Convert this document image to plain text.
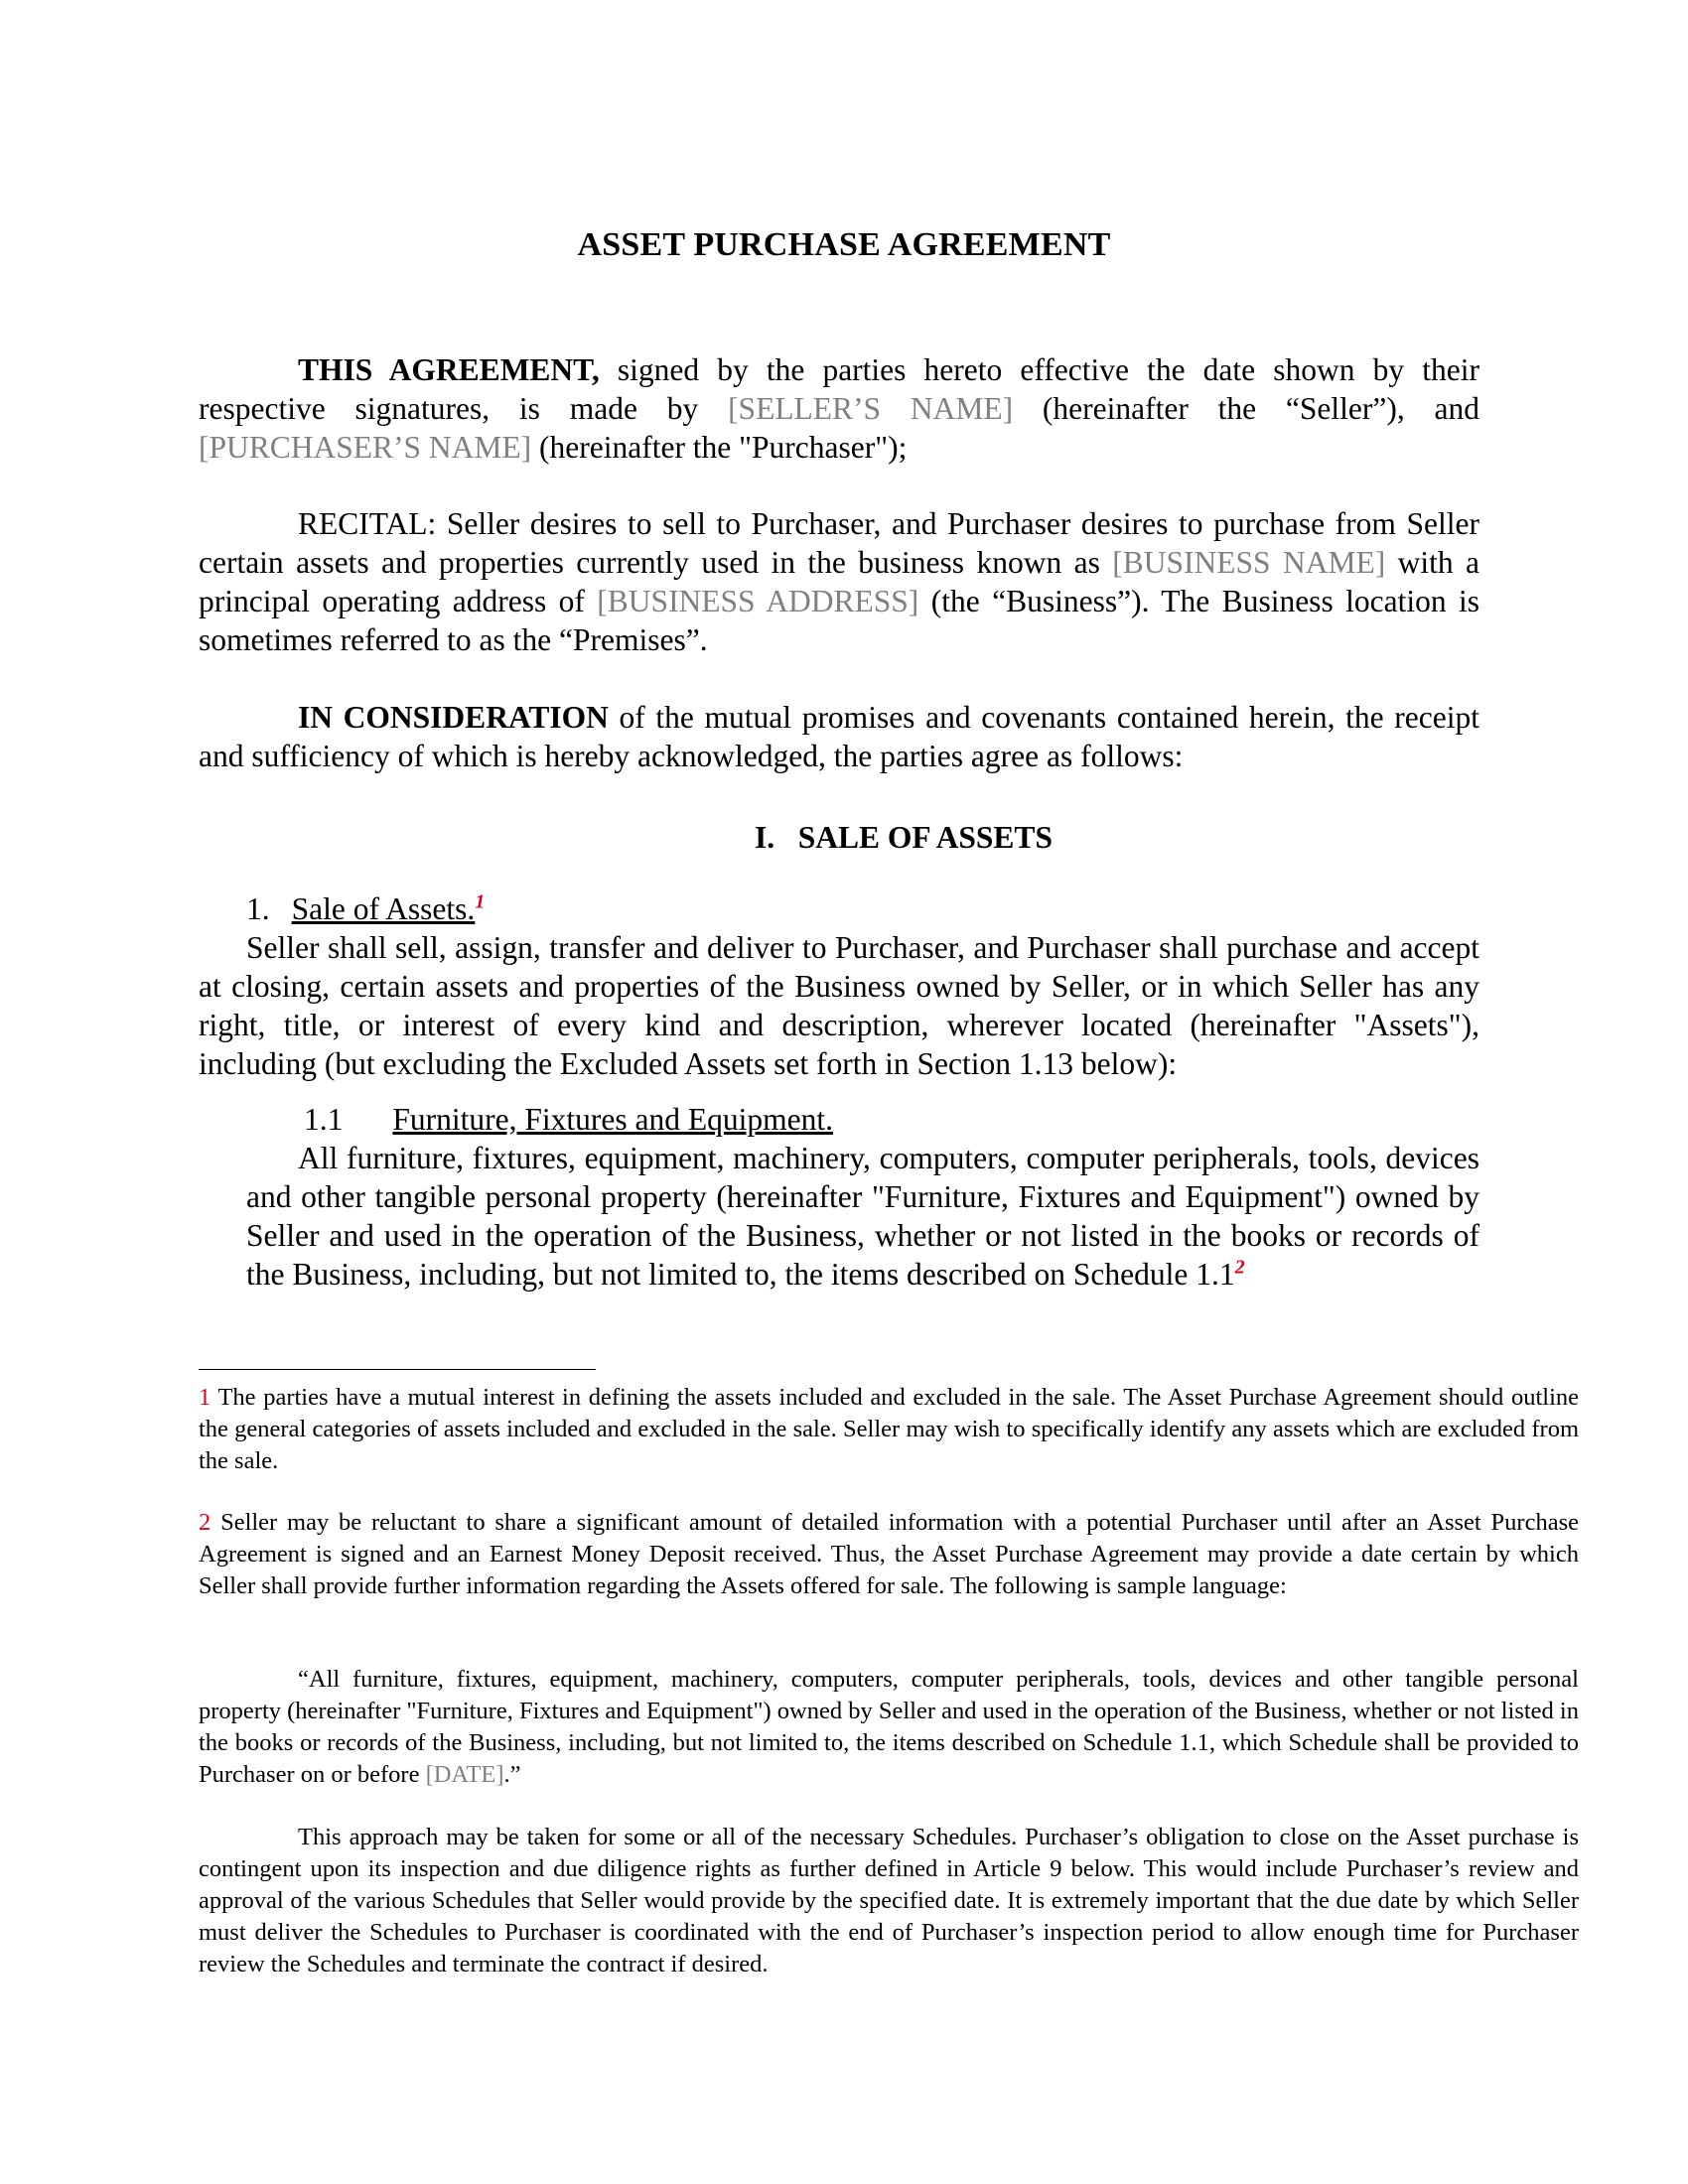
ASSET PURCHASE AGREEMENT
THIS AGREEMENT, signed by the parties hereto effective the date shown by their respective signatures, is made by [SELLER’S NAME] (hereinafter the “Seller”), and [PURCHASER’S NAME] (hereinafter the "Purchaser");
RECITAL: Seller desires to sell to Purchaser, and Purchaser desires to purchase from Seller certain assets and properties currently used in the business known as [BUSINESS NAME] with a principal operating address of [BUSINESS ADDRESS] (the “Business”). The Business location is sometimes referred to as the “Premises”.
IN CONSIDERATION of the mutual promises and covenants contained herein, the receipt and sufficiency of which is hereby acknowledged, the parties agree as follows:
I.   SALE OF ASSETS
1. Sale of Assets.$^1$
Seller shall sell, assign, transfer and deliver to Purchaser, and Purchaser shall purchase and accept at closing, certain assets and properties of the Business owned by Seller, or in which Seller has any right, title, or interest of every kind and description, wherever located (hereinafter "Assets"), including (but excluding the Excluded Assets set forth in Section 1.13 below):
1.1 Furniture, Fixtures and Equipment.
All furniture, fixtures, equipment, machinery, computers, computer peripherals, tools, devices and other tangible personal property (hereinafter "Furniture, Fixtures and Equipment") owned by Seller and used in the operation of the Business, whether or not listed in the books or records of the Business, including, but not limited to, the items described on Schedule 1.1$^2$
1 The parties have a mutual interest in defining the assets included and excluded in the sale. The Asset Purchase Agreement should outline the general categories of assets included and excluded in the sale. Seller may wish to specifically identify any assets which are excluded from the sale.
2 Seller may be reluctant to share a significant amount of detailed information with a potential Purchaser until after an Asset Purchase Agreement is signed and an Earnest Money Deposit received. Thus, the Asset Purchase Agreement may provide a date certain by which Seller shall provide further information regarding the Assets offered for sale. The following is sample language:
“All furniture, fixtures, equipment, machinery, computers, computer peripherals, tools, devices and other tangible personal property (hereinafter "Furniture, Fixtures and Equipment") owned by Seller and used in the operation of the Business, whether or not listed in the books or records of the Business, including, but not limited to, the items described on Schedule 1.1, which Schedule shall be provided to Purchaser on or before [DATE].”
This approach may be taken for some or all of the necessary Schedules. Purchaser’s obligation to close on the Asset purchase is contingent upon its inspection and due diligence rights as further defined in Article 9 below. This would include Purchaser’s review and approval of the various Schedules that Seller would provide by the specified date. It is extremely important that the due date by which Seller must deliver the Schedules to Purchaser is coordinated with the end of Purchaser’s inspection period to allow enough time for Purchaser review the Schedules and terminate the contract if desired.
